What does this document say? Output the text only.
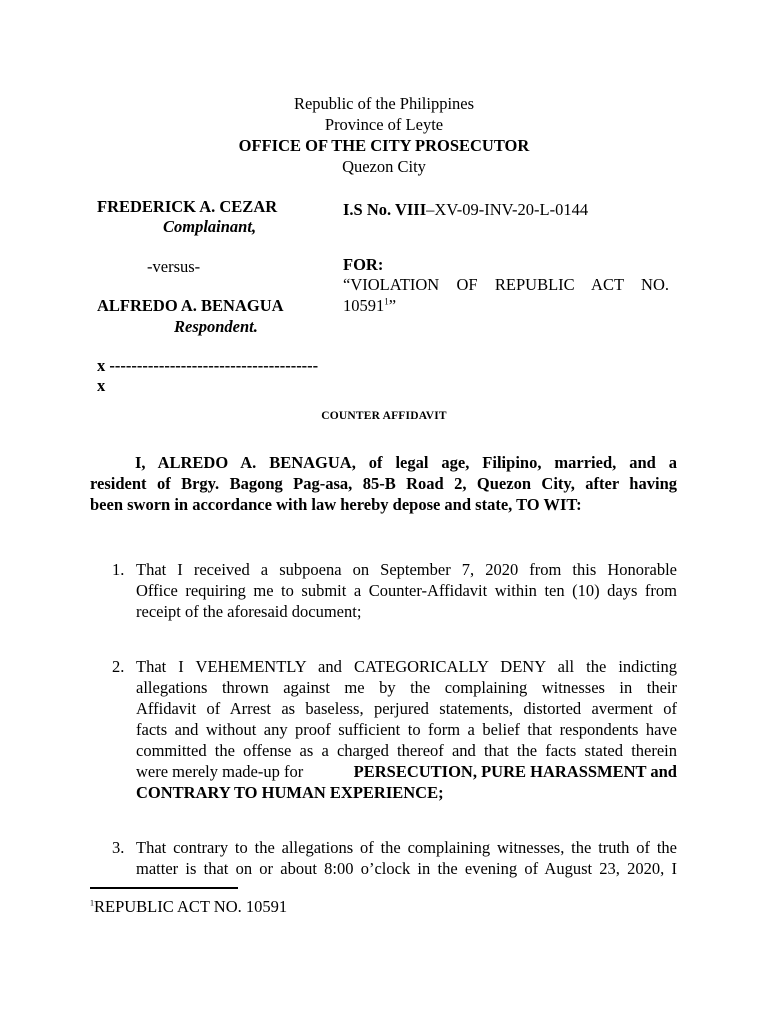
Republic of the Philippines
Province of Leyte
OFFICE OF THE CITY PROSECUTOR
Quezon City
FREDERICK A. CEZAR
Complainant,
-versus-
ALFREDO A. BENAGUA
Respondent.
I.S No. VIII–XV-09-INV-20-L-0144
FOR:
“VIOLATION OF REPUBLIC ACT NO.
10591$^1$”
x --------------------------------------
x
COUNTER AFFIDAVIT
I, ALREDO A. BENAGUA, of legal age, Filipino, married, and a
resident of Brgy. Bagong Pag-asa, 85-B Road 2, Quezon City, after having
been sworn in accordance with law hereby depose and state, TO WIT:
1. That I received a subpoena on September 7, 2020 from this Honorable
Office requiring me to submit a Counter-Affidavit within ten (10) days from
receipt of the aforesaid document;
2. That I VEHEMENTLY and CATEGORICALLY DENY all the indicting
allegations thrown against me by the complaining witnesses in their
Affidavit of Arrest as baseless, perjured statements, distorted averment of
facts and without any proof sufficient to form a belief that respondents have
committed the offense as a charged thereof and that the facts stated therein
were merely made-up for	PERSECUTION, PURE HARASSMENT and
CONTRARY TO HUMAN EXPERIENCE;
3. That contrary to the allegations of the complaining witnesses, the truth of the
matter is that on or about 8:00 o’clock in the evening of August 23, 2020, I
$^1$REPUBLIC ACT NO. 10591
